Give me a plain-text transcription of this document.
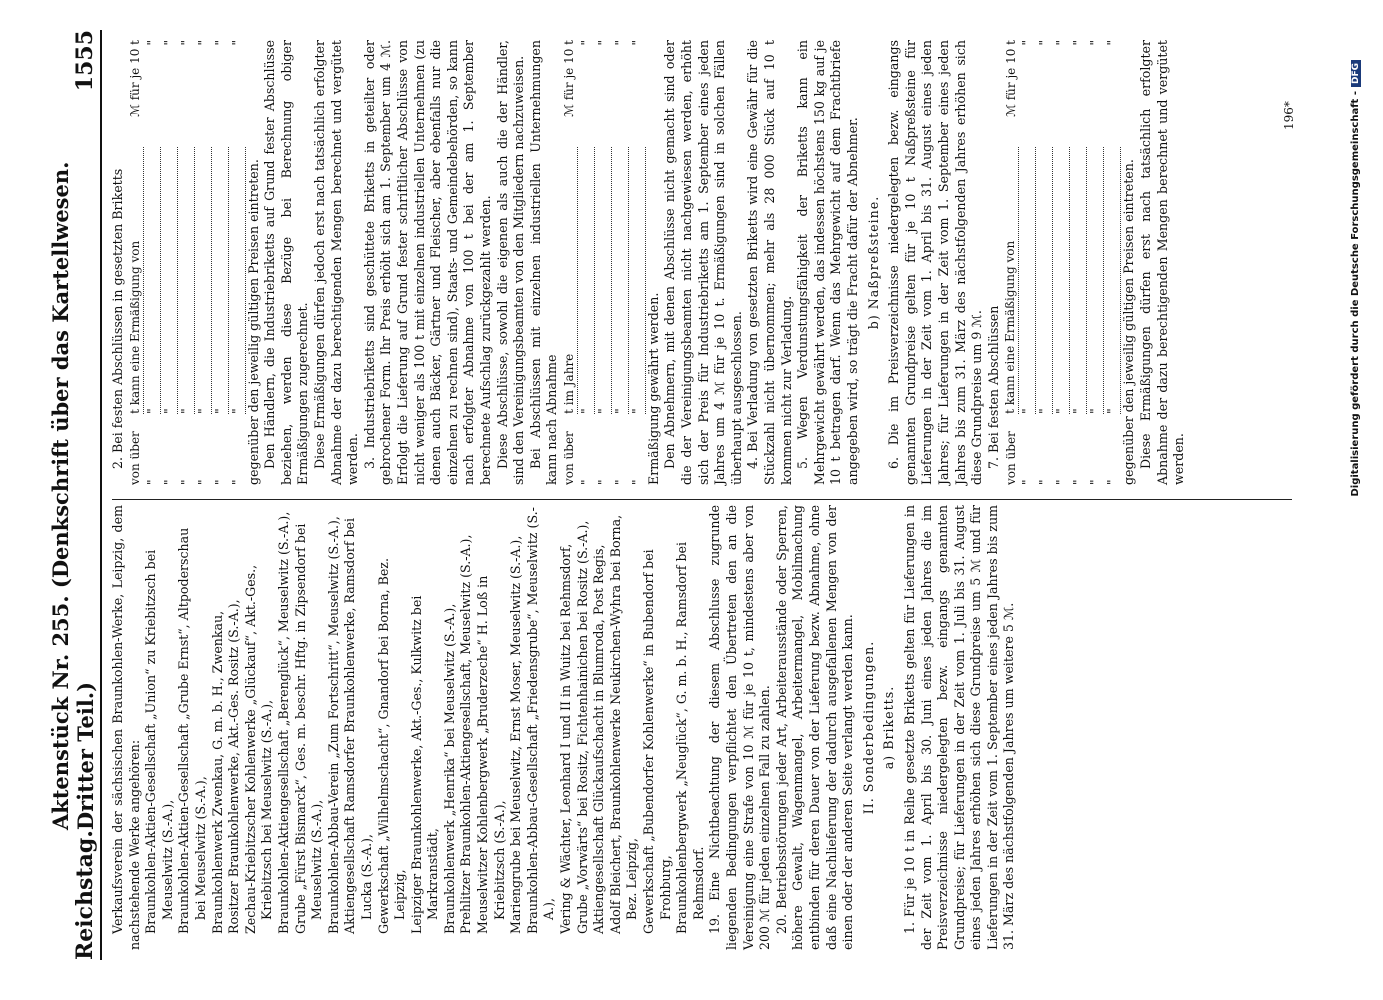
Reichstag.
Aktenstück Nr. 255. (Denkschrift über das Kartellwesen. Dritter Teil.)
1555

Verkaufsverein der sächsischen Braunkohlen-Werke, Leipzig, dem nachstehende Werke angehören: Braunkohlen-Aktien-Gesellschaft „Union“ zu Kriebitzsch bei Meuselwitz (S.-A.), Braunkohlen-Aktien-Gesellschaft „Grube Ernst“, Altpoderschau bei Meuselwitz (S.-A.), Braunkohlenwerk Zwenkau, G. m. b. H., Zwenkau, Rositzer Braunkohlenwerke, Akt.-Ges. Rositz (S.-A.), Zechau-Kriebitzscher Kohlenwerke „Glückauf“, Akt.-Ges., Kriebitzsch bei Meuselwitz (S.-A.), Braunkohlen-Aktiengesellschaft „Berenglück“, Meuselwitz (S.-A.), Grube „Fürst Bismarck“, Ges. m. beschr. Hftg. in Zipsendorf bei Meuselwitz (S.-A.), Braunkohlen-Abbau-Verein „Zum Fortschritt“, Meuselwitz (S.-A.), Aktiengesellschaft Ramsdorfer Braunkohlenwerke, Ramsdorf bei Lucka (S.-A.), Gewerkschaft „Wilhelmschacht“, Gnandorf bei Borna, Bez. Leipzig, Leipziger Braunkohlenwerke, Akt.-Ges., Kulkwitz bei Markranstädt, Braunkohlenwerk „Henrika“ bei Meuselwitz (S.-A.), Prehlitzer Braunkohlen-Aktiengesellschaft, Meuselwitz (S.-A.), Meuselwitzer Kohlenbergwerk „Bruderzeche“ H. Loß in Kriebitzsch (S.-A.), Mariengrube bei Meuselwitz, Ernst Moser, Meuselwitz (S.-A.), Braunkohlen-Abbau-Gesellschaft „Friedensgrube“, Meuselwitz (S.-A.), Vering & Wächter, Leonhard I und II in Wuitz bei Rehmsdorf, Grube „Vorwärts“ bei Rositz, Fichtenhainichen bei Rositz (S.-A.), Aktiengesellschaft Glückaufschacht in Blumroda, Post Regis, Adolf Bleichert, Braunkohlenwerke Neukirchen-Wyhra bei Borna, Bez. Leipzig, Gewerkschaft „Bubendorfer Kohlenwerke“ in Bubendorf bei Frohburg, Braunkohlenbergwerk „Neuglück“, G. m. b. H., Ramsdorf bei Rehmsdorf. 19. Eine Nichtbeachtung der diesem Abschlusse zugrunde liegenden Bedingungen verpflichtet den Übertreten den an die Vereinigung eine Strafe von 10 ℳ für je 10 t, mindestens aber von 200 ℳ für jeden einzelnen Fall zu zahlen. 20. Betriebsstörungen jeder Art, Arbeiterausstände oder Sperren, höhere Gewalt, Wagenmangel, Arbeitermangel, Mobilmachung entbinden für deren Dauer von der Lieferung bezw. Abnahme, ohne daß eine Nachlieferung der dadurch ausgefallenen Mengen von der einen oder der anderen Seite verlangt werden kann. II. Sonderbedingungen. a) Briketts. 1. Für je 10 t in Reihe gesetzte Briketts gelten für Lieferungen in der Zeit vom 1. April bis 30. Juni eines jeden Jahres die im Preisverzeichnisse niedergelegten bezw. eingangs genannten Grundpreise; für Lieferungen in der Zeit vom 1. Juli bis 31. August eines jeden Jahres erhöhen sich diese Grundpreise um 5 ℳ und für Lieferungen in der Zeit vom 1. September eines jeden Jahres bis zum 31. März des nächstfolgenden Jahres um weitere 5 ℳ.

2. Bei festen Abschlüssen in gesetzten Briketts von über	t kann eine Ermäßigung von	ℳ für je 10 t
"	"	"
"	"	"
"	"	"
"	"	"
"	"	"
"	"	"

gegenüber den jeweilig gültigen Preisen eintreten. Den Händlern, die Industriebriketts auf Grund fester Abschlüsse beziehen, werden diese Bezüge bei Berechnung obiger Ermäßigungen zugerechnet. Diese Ermäßigungen dürfen jedoch erst nach tatsächlich erfolgter Abnahme der dazu berechtigenden Mengen berechnet und vergütet werden. 3. Industriebriketts sind geschüttete Briketts in geteilter oder gebrochener Form. Ihr Preis erhöht sich am 1. September um 4 ℳ. Erfolgt die Lieferung auf Grund fester schriftlicher Abschlüsse von nicht weniger als 100 t mit einzelnen industriellen Unternehmen (zu denen auch Bäcker, Gärtner und Fleischer, aber ebenfalls nur die einzelnen zu rechnen sind), Staats- und Gemeindebehörden, so kann nach erfolgter Abnahme von 100 t bei der am 1. September berechnete Aufschlag zurückgezahlt werden. Diese Abschlüsse, sowohl die eigenen als auch die der Händler, sind den Vereinigungsbeamten von den Mitgliedern nachzuweisen. Bei Abschlüssen mit einzelnen industriellen Unternehmungen kann nach Abnahme von über	t im Jahre	ℳ für je 10 t
"	"	"
"	"	"
"	"	"
"	"	"

Ermäßigung gewährt werden. Den Abnehmern, mit denen Abschlüsse nicht gemacht sind oder die der Vereinigungsbeamten nicht nachgewiesen werden, erhöht sich der Preis für Industriebriketts am 1. September eines jeden Jahres um 4 ℳ für je 10 t. Ermäßigungen sind in solchen Fällen überhaupt ausgeschlossen. 4. Bei Verladung von gesetzten Briketts wird eine Gewähr für die Stückzahl nicht übernommen; mehr als 28 000 Stück auf 10 t kommen nicht zur Verladung. 5. Wegen Verdunstungsfähigkeit der Briketts kann ein Mehrgewicht gewährt werden, das indessen höchstens 150 kg auf je 10 t betragen darf. Wenn das Mehrgewicht auf dem Frachtbriefe angegeben wird, so trägt die Fracht dafür der Abnehmer. b) Naßpreßsteine. 6. Die im Preisverzeichnisse niedergelegten bezw. eingangs genannten Grundpreise gelten für je 10 t Naßpreßsteine für Lieferungen in der Zeit vom 1. April bis 31. August eines jeden Jahres; für Lieferungen in der Zeit vom 1. September eines jeden Jahres bis zum 31. März des nächstfolgenden Jahres erhöhen sich diese Grundpreise um 9 ℳ. 7. Bei festen Abschlüssen von über	t kann eine Ermäßigung von	ℳ für je 10 t
"	"	"
"	"	"
"	"	"
"	"	"
"	"	"
"	"	"

gegenüber den jeweilig gültigen Preisen eintreten. Diese Ermäßigungen dürfen erst nach tatsächlich erfolgter Abnahme der dazu berechtigenden Mengen berechnet und vergütet werden.

196*	Digitalisierung gefördert durch die Deutsche Forschungsgemeinschaft -DFG
